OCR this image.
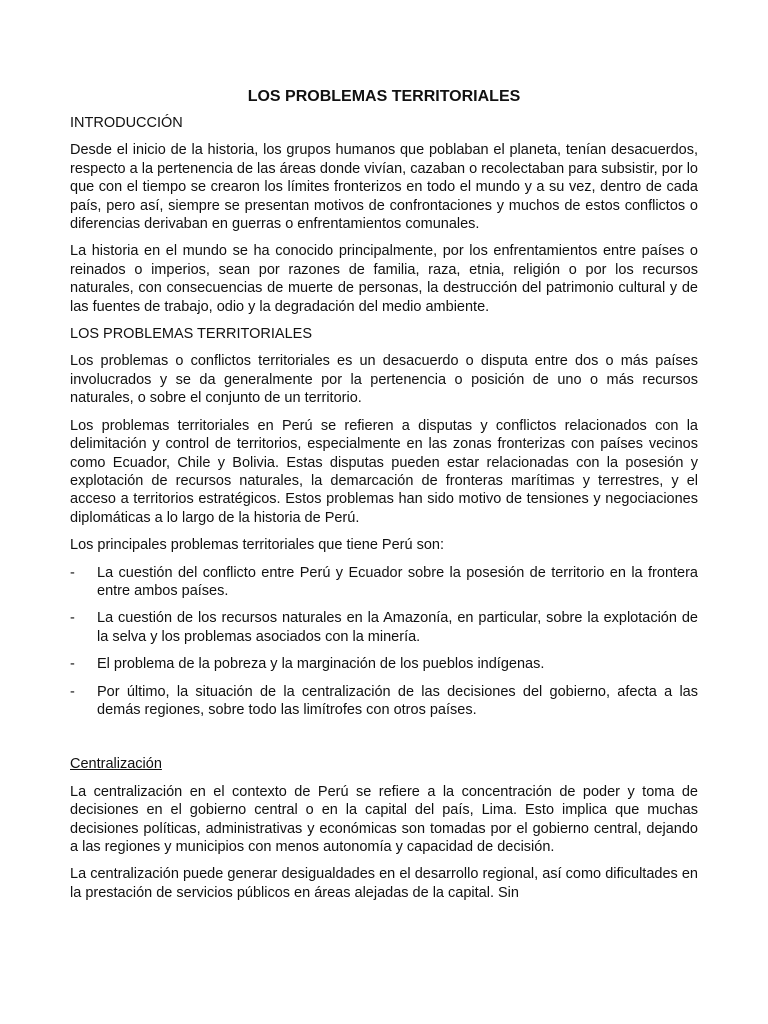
LOS PROBLEMAS TERRITORIALES
INTRODUCCIÓN
Desde el inicio de la historia, los grupos humanos que poblaban el planeta, tenían desacuerdos, respecto a la pertenencia de las áreas donde vivían, cazaban o recolectaban para subsistir, por lo que con el tiempo se crearon los límites fronterizos en todo el mundo y a su vez, dentro de cada país, pero así, siempre se presentan motivos de confrontaciones y muchos de estos conflictos o diferencias derivaban en guerras o enfrentamientos comunales.
La historia en el mundo se ha conocido principalmente, por los enfrentamientos entre países o reinados o imperios, sean por razones de familia, raza, etnia, religión o por los recursos naturales, con consecuencias de muerte de personas, la destrucción del patrimonio cultural y de las fuentes de trabajo, odio y la degradación del medio ambiente.
LOS PROBLEMAS TERRITORIALES
Los problemas o conflictos territoriales es un desacuerdo o disputa entre dos o más países involucrados y se da generalmente por la pertenencia o posición de uno o más recursos naturales, o sobre el conjunto de un territorio.
Los problemas territoriales en Perú se refieren a disputas y conflictos relacionados con la delimitación y control de territorios, especialmente en las zonas fronterizas con países vecinos como Ecuador, Chile y Bolivia. Estas disputas pueden estar relacionadas con la posesión y explotación de recursos naturales, la demarcación de fronteras marítimas y terrestres, y el acceso a territorios estratégicos. Estos problemas han sido motivo de tensiones y negociaciones diplomáticas a lo largo de la historia de Perú.
Los principales problemas territoriales que tiene Perú son:
-	La cuestión del conflicto entre Perú y Ecuador sobre la posesión de territorio en la frontera entre ambos países.
-	La cuestión de los recursos naturales en la Amazonía, en particular, sobre la explotación de la selva y los problemas asociados con la minería.
-	El problema de la pobreza y la marginación de los pueblos indígenas.
-	Por último, la situación de la centralización de las decisiones del gobierno, afecta a las demás regiones, sobre todo las limítrofes con otros países.
Centralización
La centralización en el contexto de Perú se refiere a la concentración de poder y toma de decisiones en el gobierno central o en la capital del país, Lima. Esto implica que muchas decisiones políticas, administrativas y económicas son tomadas por el gobierno central, dejando a las regiones y municipios con menos autonomía y capacidad de decisión.
La centralización puede generar desigualdades en el desarrollo regional, así como dificultades en la prestación de servicios públicos en áreas alejadas de la capital. Sin
